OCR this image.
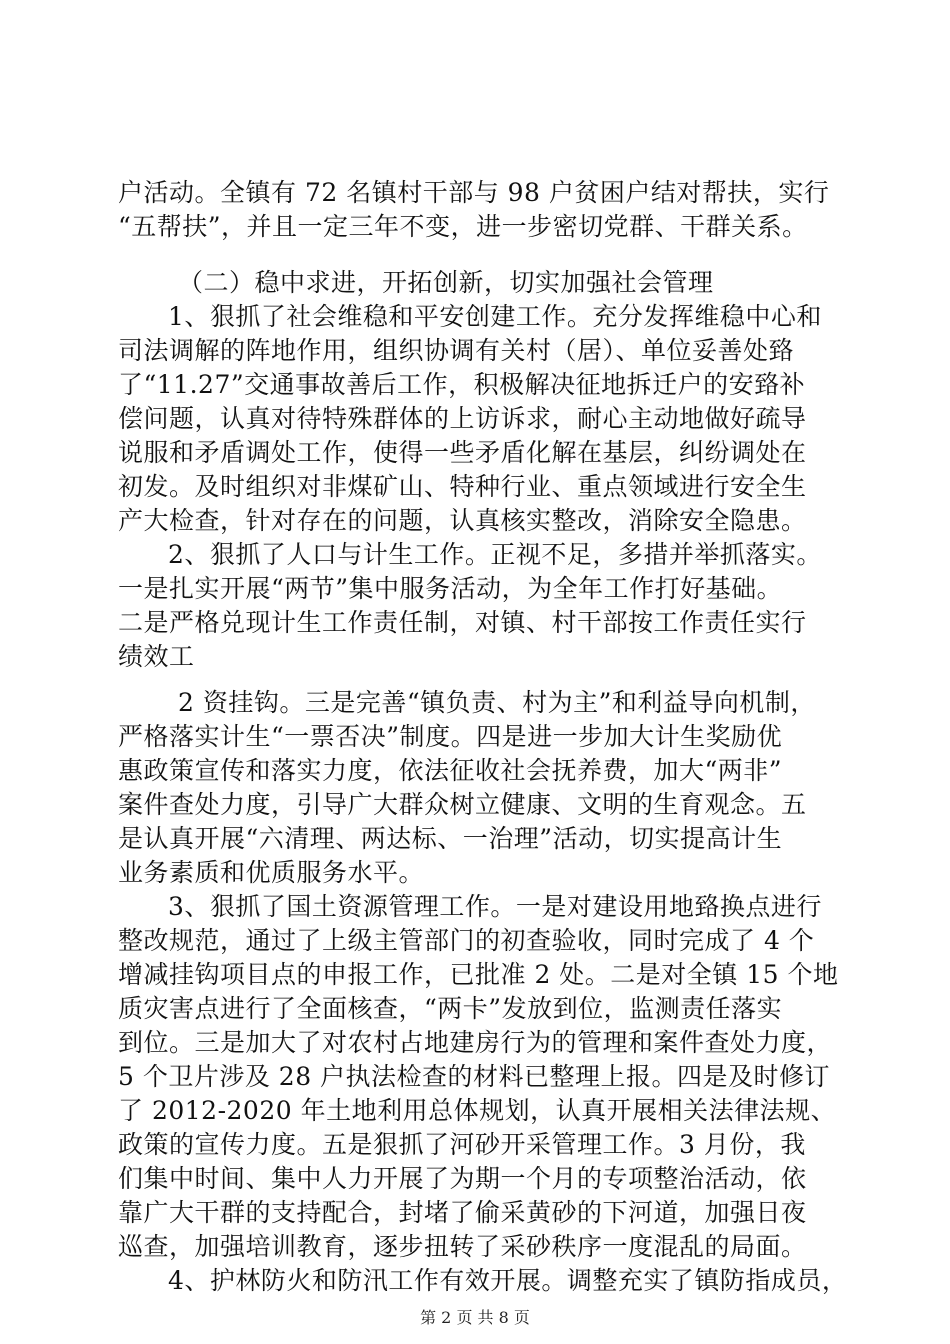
户活动。全镇有 72 名镇村干部与 98 户贫困户结对帮扶，实行
“五帮扶”，并且一定三年不变，进一步密切党群、干群关系。
（二）稳中求进，开拓创新，切实加强社会管理
1、狠抓了社会维稳和平安创建工作。充分发挥维稳中心和
司法调解的阵地作用，组织协调有关村（居）、单位妥善处臵
了“11.27”交通事故善后工作，积极解决征地拆迁户的安臵补
偿问题，认真对待特殊群体的上访诉求，耐心主动地做好疏导
说服和矛盾调处工作，使得一些矛盾化解在基层，纠纷调处在
初发。及时组织对非煤矿山、特种行业、重点领域进行安全生
产大检查，针对存在的问题，认真核实整改，消除安全隐患。
2、狠抓了人口与计生工作。正视不足，多措并举抓落实。
一是扎实开展“两节”集中服务活动，为全年工作打好基础。
二是严格兑现计生工作责任制，对镇、村干部按工作责任实行
绩效工
2 资挂钩。三是完善“镇负责、村为主”和利益导向机制，
严格落实计生“一票否决”制度。四是进一步加大计生奖励优
惠政策宣传和落实力度，依法征收社会抚养费，加大“两非”
案件查处力度，引导广大群众树立健康、文明的生育观念。五
是认真开展“六清理、两达标、一治理”活动，切实提高计生
业务素质和优质服务水平。
3、狠抓了国土资源管理工作。一是对建设用地臵换点进行
整改规范，通过了上级主管部门的初查验收，同时完成了 4 个
增减挂钩项目点的申报工作，已批准 2 处。二是对全镇 15 个地
质灾害点进行了全面核查，“两卡”发放到位，监测责任落实
到位。三是加大了对农村占地建房行为的管理和案件查处力度，
5 个卫片涉及 28 户执法检查的材料已整理上报。四是及时修订
了 2012-2020 年土地利用总体规划，认真开展相关法律法规、
政策的宣传力度。五是狠抓了河砂开采管理工作。3 月份，我
们集中时间、集中人力开展了为期一个月的专项整治活动，依
靠广大干群的支持配合，封堵了偷采黄砂的下河道，加强日夜
巡查，加强培训教育，逐步扭转了采砂秩序一度混乱的局面。
4、护林防火和防汛工作有效开展。调整充实了镇防指成员，
第 2 页 共 8 页
